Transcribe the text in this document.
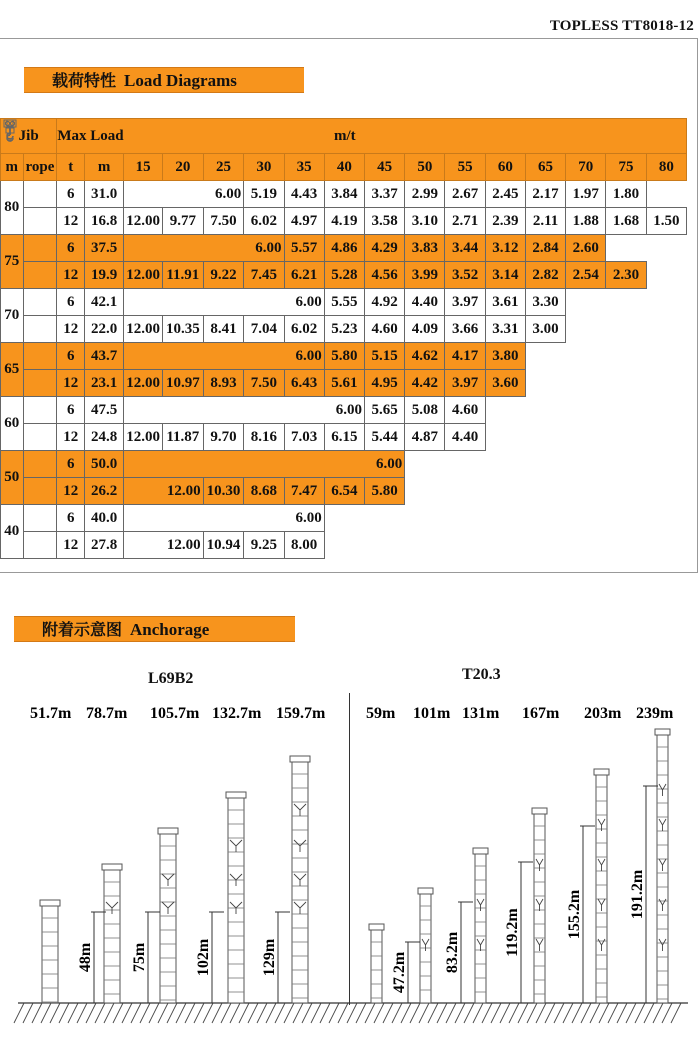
TOPLESS TT8018-12
载荷特性 Load Diagrams
Jib		Max Load		m/t													
m	rope	t	m	15	20	25	30	35	40	45	50	55	60	65	70	75	80
80		6	31.0	6.00			5.19	4.43	3.84	3.37	2.99	2.67	2.45	2.17	1.97	1.80	

	12	16.8	12.00	9.77	7.50	6.02	4.97	4.19	3.58	3.10	2.71	2.39	2.11	1.88	1.68	1.50
75		6	37.5	6.00				5.57	4.86	4.29	3.83	3.44	3.12	2.84	2.60		

	12	19.9	12.00	11.91	9.22	7.45	6.21	5.28	4.56	3.99	3.52	3.14	2.82	2.54	2.30	
70		6	42.1	6.00					5.55	4.92	4.40	3.97	3.61	3.30			

	12	22.0	12.00	10.35	8.41	7.04	6.02	5.23	4.60	4.09	3.66	3.31	3.00			
65		6	43.7	6.00					5.80	5.15	4.62	4.17	3.80				

	12	23.1	12.00	10.97	8.93	7.50	6.43	5.61	4.95	4.42	3.97	3.60				
60		6	47.5	6.00						5.65	5.08	4.60					

	12	24.8	12.00	11.87	9.70	8.16	7.03	6.15	5.44	4.87	4.40					
50		6	50.0	6.00													

	12	26.2	12.00		10.30	8.68	7.47	6.54	5.80							
40		6	40.0	6.00													

	12	27.8	12.00		10.94	9.25	8.00									
附着示意图 Anchorage
L69B2	T20.3
51.7m 78.7m 105.7m 132.7m 159.7m
48m 75m	102m	129m
59m 101m 131m 167m 203m 239m
47.2m 83.2m	119.2m	155.2m	191.2m
